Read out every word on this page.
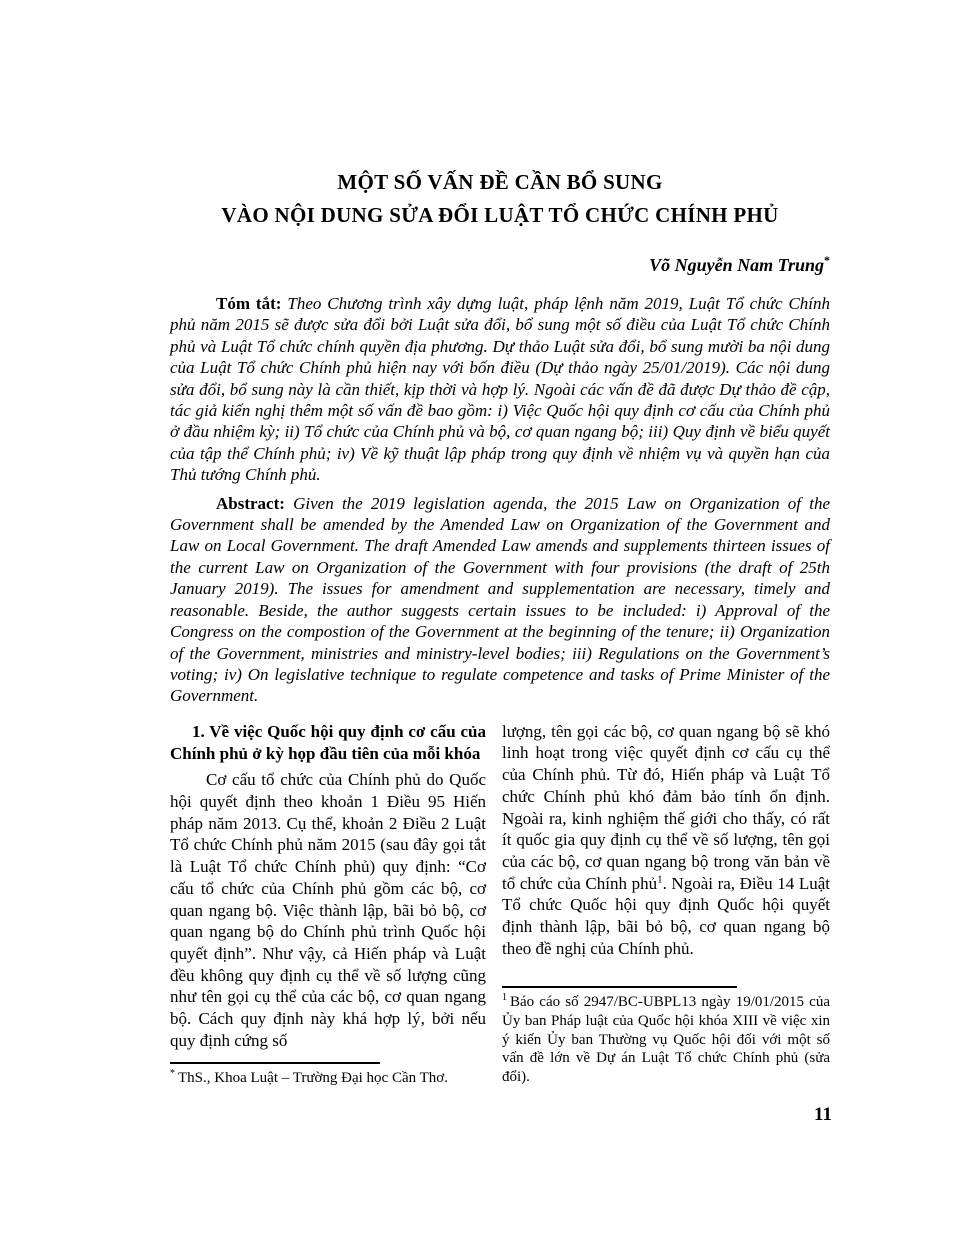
MỘT SỐ VẤN ĐỀ CẦN BỔ SUNG
VÀO NỘI DUNG SỬA ĐỔI LUẬT TỔ CHỨC CHÍNH PHỦ
Võ Nguyễn Nam Trung*

Tóm tắt: Theo Chương trình xây dựng luật, pháp lệnh năm 2019, Luật Tổ chức Chính phủ năm 2015 sẽ được sửa đổi bởi Luật sửa đổi, bổ sung một số điều của Luật Tổ chức Chính phủ và Luật Tổ chức chính quyền địa phương. Dự thảo Luật sửa đổi, bổ sung mười ba nội dung của Luật Tổ chức Chính phủ hiện nay với bốn điều (Dự thảo ngày 25/01/2019). Các nội dung sửa đổi, bổ sung này là cần thiết, kịp thời và hợp lý. Ngoài các vấn đề đã được Dự thảo đề cập, tác giả kiến nghị thêm một số vấn đề bao gồm: i) Việc Quốc hội quy định cơ cấu của Chính phủ ở đầu nhiệm kỳ; ii) Tổ chức của Chính phủ và bộ, cơ quan ngang bộ; iii) Quy định về biểu quyết của tập thể Chính phủ; iv) Về kỹ thuật lập pháp trong quy định về nhiệm vụ và quyền hạn của Thủ tướng Chính phủ.

Abstract: Given the 2019 legislation agenda, the 2015 Law on Organization of the Government shall be amended by the Amended Law on Organization of the Government and Law on Local Government. The draft Amended Law amends and supplements thirteen issues of the current Law on Organization of the Government with four provisions (the draft of 25th January 2019). The issues for amendment and supplementation are necessary, timely and reasonable. Beside, the author suggests certain issues to be included: i) Approval of the Congress on the compostion of the Government at the beginning of the tenure; ii) Organization of the Government, ministries and ministry-level bodies; iii) Regulations on the Government’s voting; iv) On legislative technique to regulate competence and tasks of Prime Minister of the Government.

1. Về việc Quốc hội quy định cơ cấu của Chính phủ ở kỳ họp đầu tiên của mỗi khóa

Cơ cấu tổ chức của Chính phủ do Quốc hội quyết định theo khoản 1 Điều 95 Hiến pháp năm 2013. Cụ thể, khoản 2 Điều 2 Luật Tổ chức Chính phủ năm 2015 (sau đây gọi tắt là Luật Tổ chức Chính phủ) quy định: “Cơ cấu tổ chức của Chính phủ gồm các bộ, cơ quan ngang bộ. Việc thành lập, bãi bỏ bộ, cơ quan ngang bộ do Chính phủ trình Quốc hội quyết định”. Như vậy, cả Hiến pháp và Luật đều không quy định cụ thể về số lượng cũng như tên gọi cụ thể của các bộ, cơ quan ngang bộ. Cách quy định này khá hợp lý, bởi nếu quy định cứng số

* ThS., Khoa Luật – Trường Đại học Cần Thơ.

lượng, tên gọi các bộ, cơ quan ngang bộ sẽ khó linh hoạt trong việc quyết định cơ cấu cụ thể của Chính phủ. Từ đó, Hiến pháp và Luật Tổ chức Chính phủ khó đảm bảo tính ổn định. Ngoài ra, kinh nghiệm thế giới cho thấy, có rất ít quốc gia quy định cụ thể về số lượng, tên gọi của các bộ, cơ quan ngang bộ trong văn bản về tổ chức của Chính phủ$^1$. Ngoài ra, Điều 14 Luật Tổ chức Quốc hội quy định Quốc hội quyết định thành lập, bãi bỏ bộ, cơ quan ngang bộ theo đề nghị của Chính phủ.

$^1$ Báo cáo số 2947/BC-UBPL13 ngày 19/01/2015 của Ủy ban Pháp luật của Quốc hội khóa XIII về việc xin ý kiến Ủy ban Thường vụ Quốc hội đối với một số vấn đề lớn về Dự án Luật Tổ chức Chính phủ (sửa đổi).

11
